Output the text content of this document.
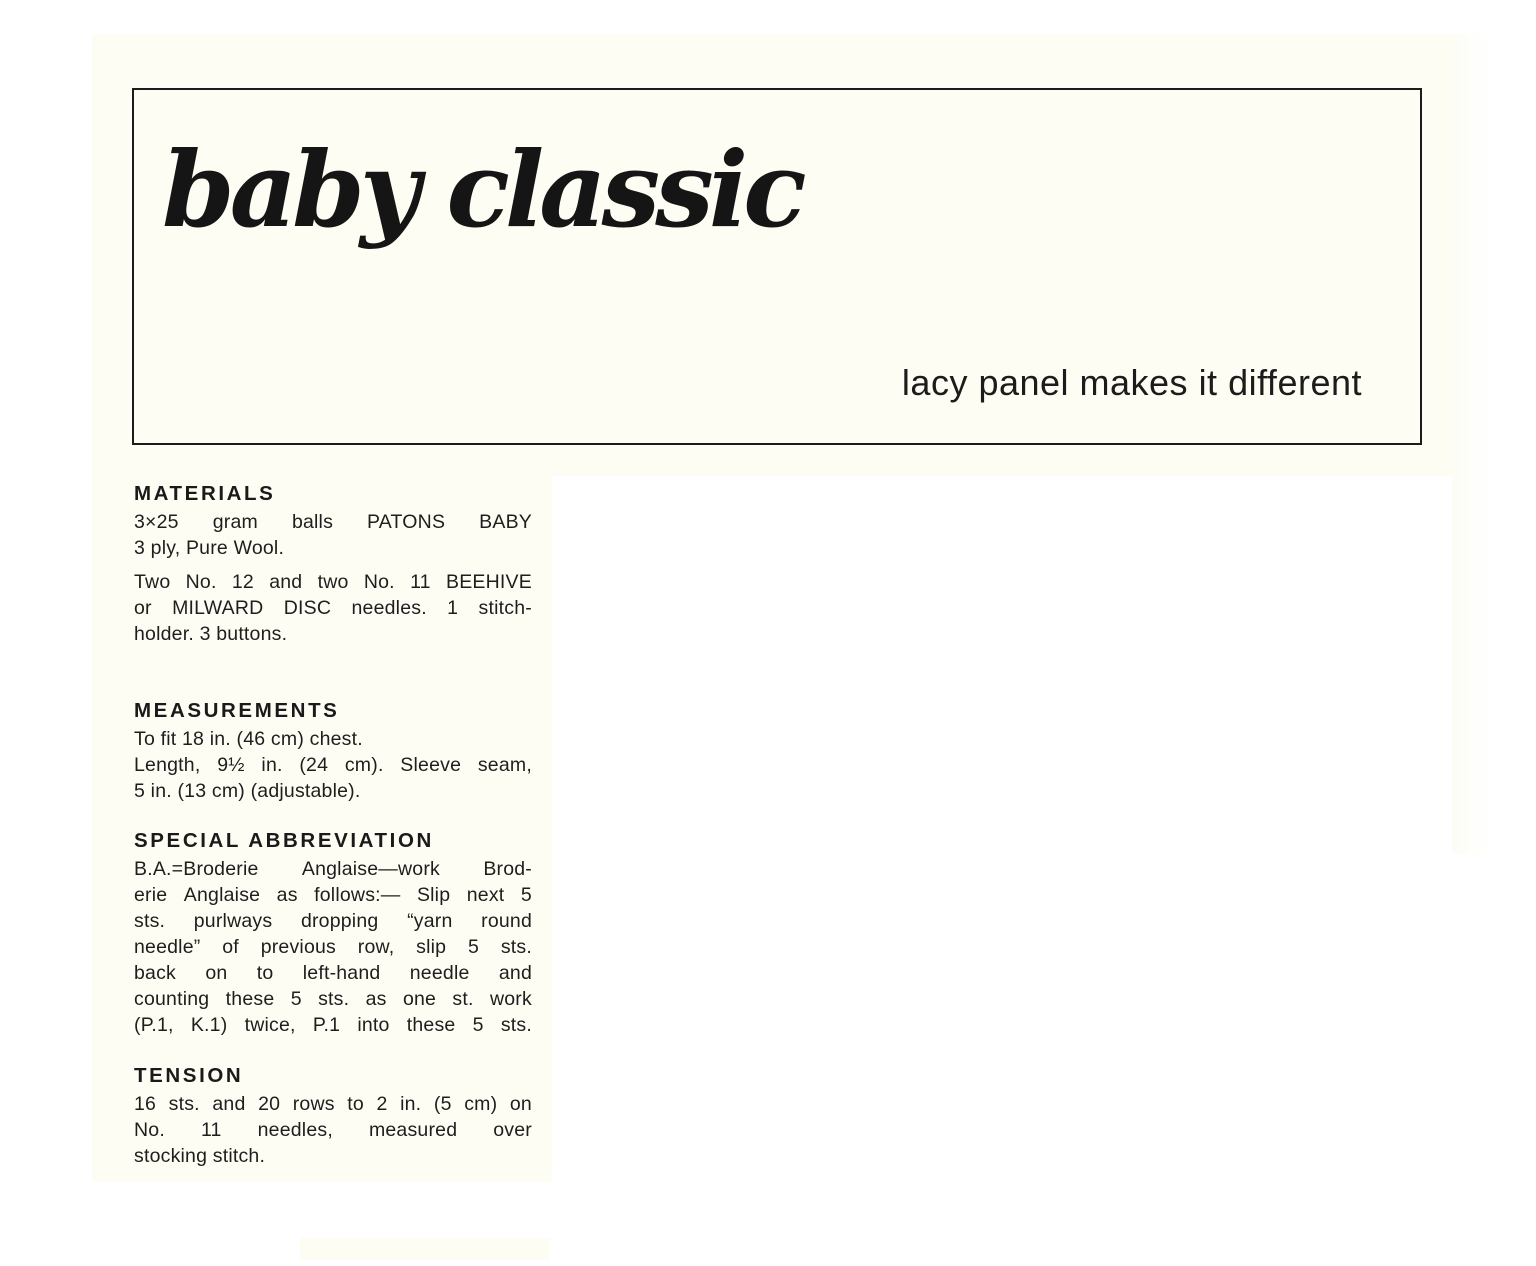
baby classic

lacy panel makes it different

MATERIALS

3×25 gram balls PATONS BABY

3 ply, Pure Wool.

Two No. 12 and two No. 11 BEEHIVE

or MILWARD DISC needles. 1 stitch-

holder. 3 buttons.

MEASUREMENTS

To fit 18 in. (46 cm) chest.

Length, 9½ in. (24 cm). Sleeve seam,

5 in. (13 cm) (adjustable).

SPECIAL ABBREVIATION

B.A.=Broderie Anglaise—work Brod-

erie Anglaise as follows:— Slip next 5

sts. purlways dropping “yarn round

needle” of previous row, slip 5 sts.

back on to left-hand needle and

counting these 5 sts. as one st. work

(P.1, K.1) twice, P.1 into these 5 sts.

TENSION

16 sts. and 20 rows to 2 in. (5 cm) on

No. 11 needles, measured over

stocking stitch.
